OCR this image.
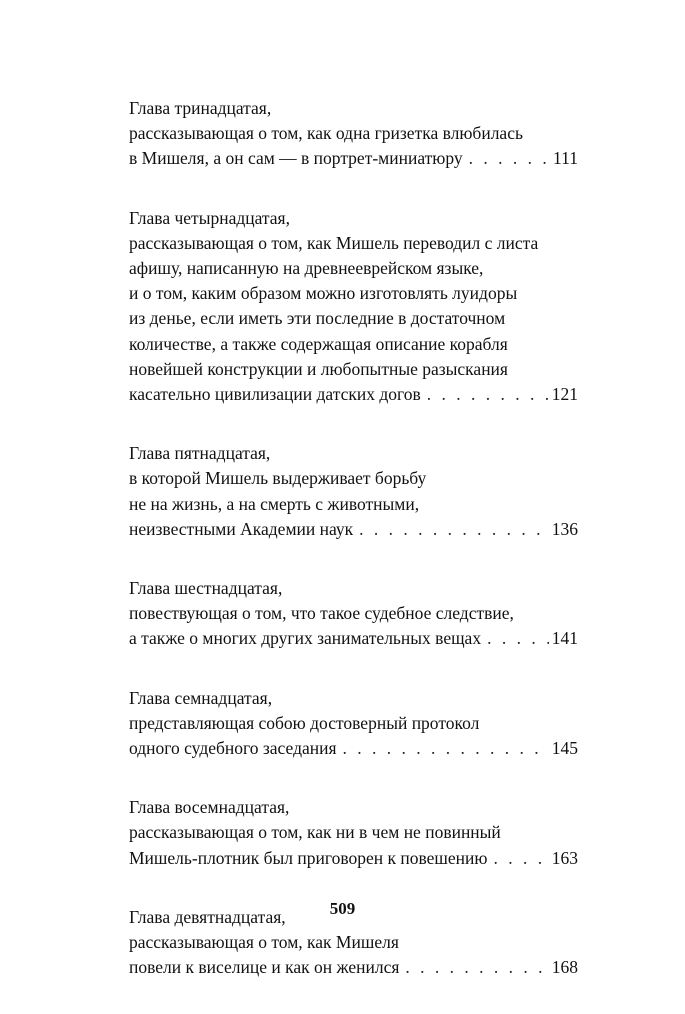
Глава тринадцатая,
рассказывающая о том, как одна гризетка влюбилась
в Мишеля, а он сам — в портрет-миниатюру . . .	111
Глава четырнадцатая,
рассказывающая о том, как Мишель переводил с листа
афишу, написанную на древнееврейском языке,
и о том, каким образом можно изготовлять луидоры
из денье, если иметь эти последние в достаточном
количестве, а также содержащая описание корабля
новейшей конструкции и любопытные разыскания
касательно цивилизации датских догов . . .	121
Глава пятнадцатая,
в которой Мишель выдерживает борьбу
не на жизнь, а на смерть с животными,
неизвестными Академии наук . . .	136
Глава шестнадцатая,
повествующая о том, что такое судебное следствие,
а также о многих других занимательных вещах . . .	141
Глава семнадцатая,
представляющая собою достоверный протокол
одного судебного заседания . . .	145
Глава восемнадцатая,
рассказывающая о том, как ни в чем не повинный
Мишель-плотник был приговорен к повешению . . .	163
Глава девятнадцатая,
рассказывающая о том, как Мишеля
повели к виселице и как он женился . . .	168
509
